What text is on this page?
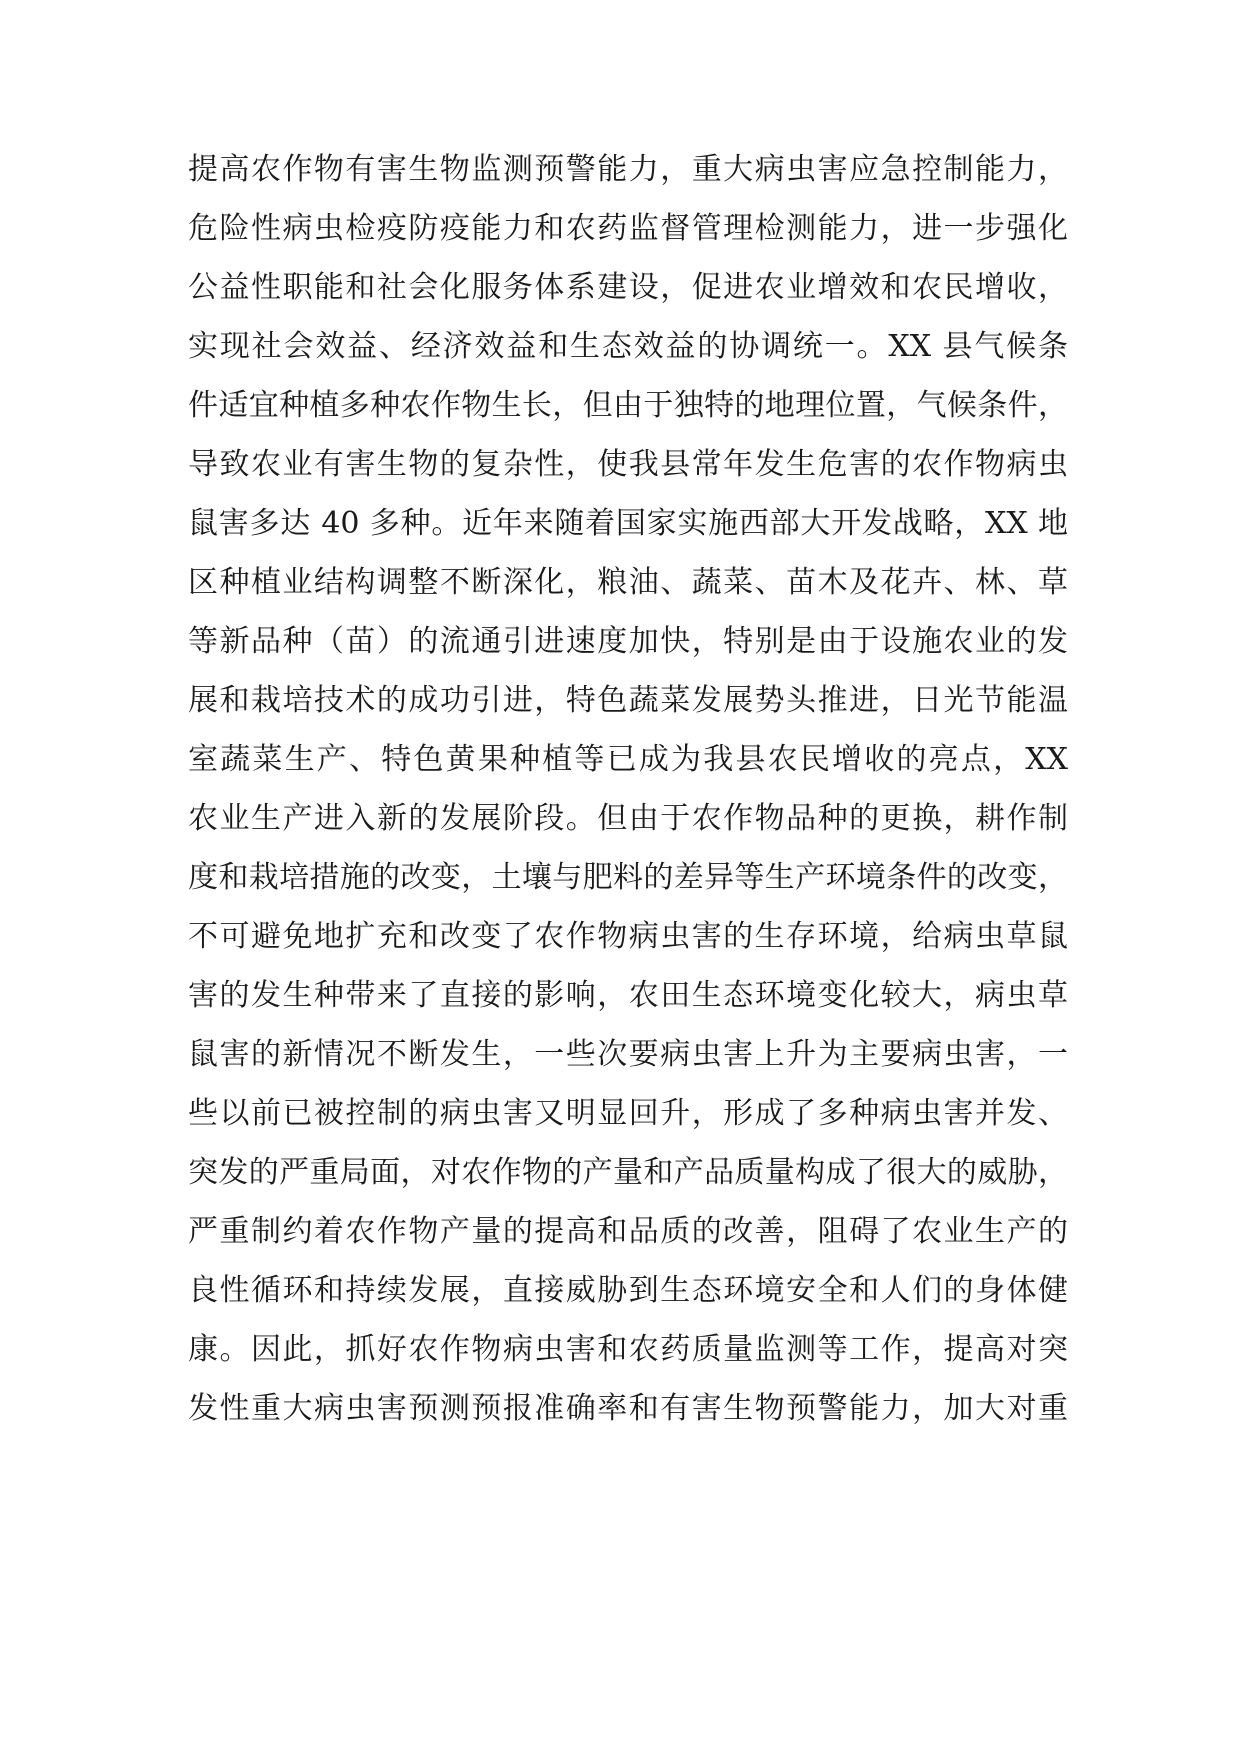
提高农作物有害生物监测预警能力，重大病虫害应急控制能力，
危险性病虫检疫防疫能力和农药监督管理检测能力，进一步强化
公益性职能和社会化服务体系建设，促进农业增效和农民增收，
实现社会效益、经济效益和生态效益的协调统一。XX 县气候条
件适宜种植多种农作物生长，但由于独特的地理位置，气候条件，
导致农业有害生物的复杂性，使我县常年发生危害的农作物病虫
鼠害多达 40 多种。近年来随着国家实施西部大开发战略，XX 地
区种植业结构调整不断深化，粮油、蔬菜、苗木及花卉、林、草
等新品种（苗）的流通引进速度加快，特别是由于设施农业的发
展和栽培技术的成功引进，特色蔬菜发展势头推进，日光节能温
室蔬菜生产、特色黄果种植等已成为我县农民增收的亮点，XX
农业生产进入新的发展阶段。但由于农作物品种的更换，耕作制
度和栽培措施的改变，土壤与肥料的差异等生产环境条件的改变，
不可避免地扩充和改变了农作物病虫害的生存环境，给病虫草鼠
害的发生种带来了直接的影响，农田生态环境变化较大，病虫草
鼠害的新情况不断发生，一些次要病虫害上升为主要病虫害，一
些以前已被控制的病虫害又明显回升，形成了多种病虫害并发、
突发的严重局面，对农作物的产量和产品质量构成了很大的威胁，
严重制约着农作物产量的提高和品质的改善，阻碍了农业生产的
良性循环和持续发展，直接威胁到生态环境安全和人们的身体健
康。因此，抓好农作物病虫害和农药质量监测等工作，提高对突
发性重大病虫害预测预报准确率和有害生物预警能力，加大对重
